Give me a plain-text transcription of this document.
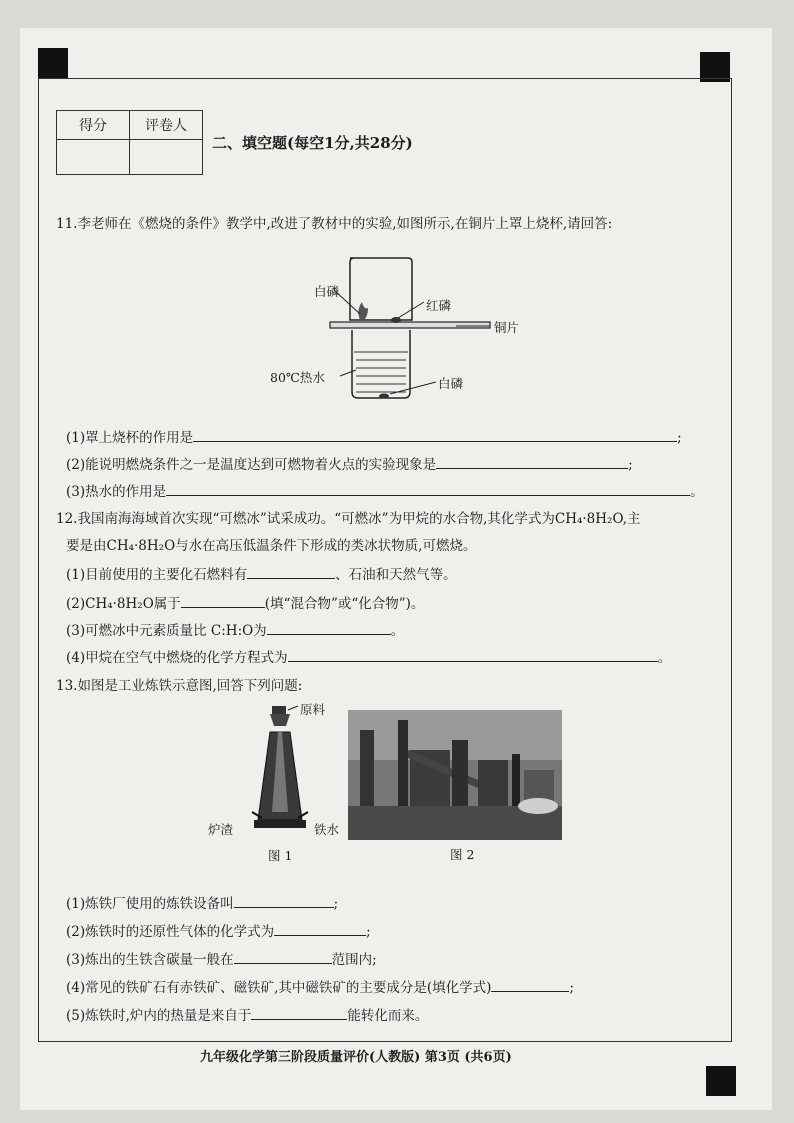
得分	评卷人

二、填空题(每空1分,共28分)
11.李老师在《燃烧的条件》教学中,改进了教材中的实验,如图所示,在铜片上罩上烧杯,请回答:
白磷
红磷
铜片
80℃热水	白磷
(1)罩上烧杯的作用是	;
(2)能说明燃烧条件之一是温度达到可燃物着火点的实验现象是	;
(3)热水的作用是	。
12.我国南海海域首次实现“可燃冰”试采成功。“可燃冰”为甲烷的水合物,其化学式为CH₄·8H₂O,主
要是由CH₄·8H₂O与水在高压低温条件下形成的类冰状物质,可燃烧。
(1)目前使用的主要化石燃料有	、石油和天然气等。
(2)CH₄·8H₂O属于	(填“混合物”或“化合物”)。
(3)可燃冰中元素质量比 C:H:O为	。
(4)甲烷在空气中燃烧的化学方程式为	。
13.如图是工业炼铁示意图,回答下列问题:
原料
炉渣	铁水
图 1	图 2
(1)炼铁厂使用的炼铁设备叫	;
(2)炼铁时的还原性气体的化学式为	;
(3)炼出的生铁含碳量一般在	范围内;
(4)常见的铁矿石有赤铁矿、磁铁矿,其中磁铁矿的主要成分是(填化学式)	;
(5)炼铁时,炉内的热量是来自于	能转化而来。
九年级化学第三阶段质量评价(人教版) 第3页 (共6页)
